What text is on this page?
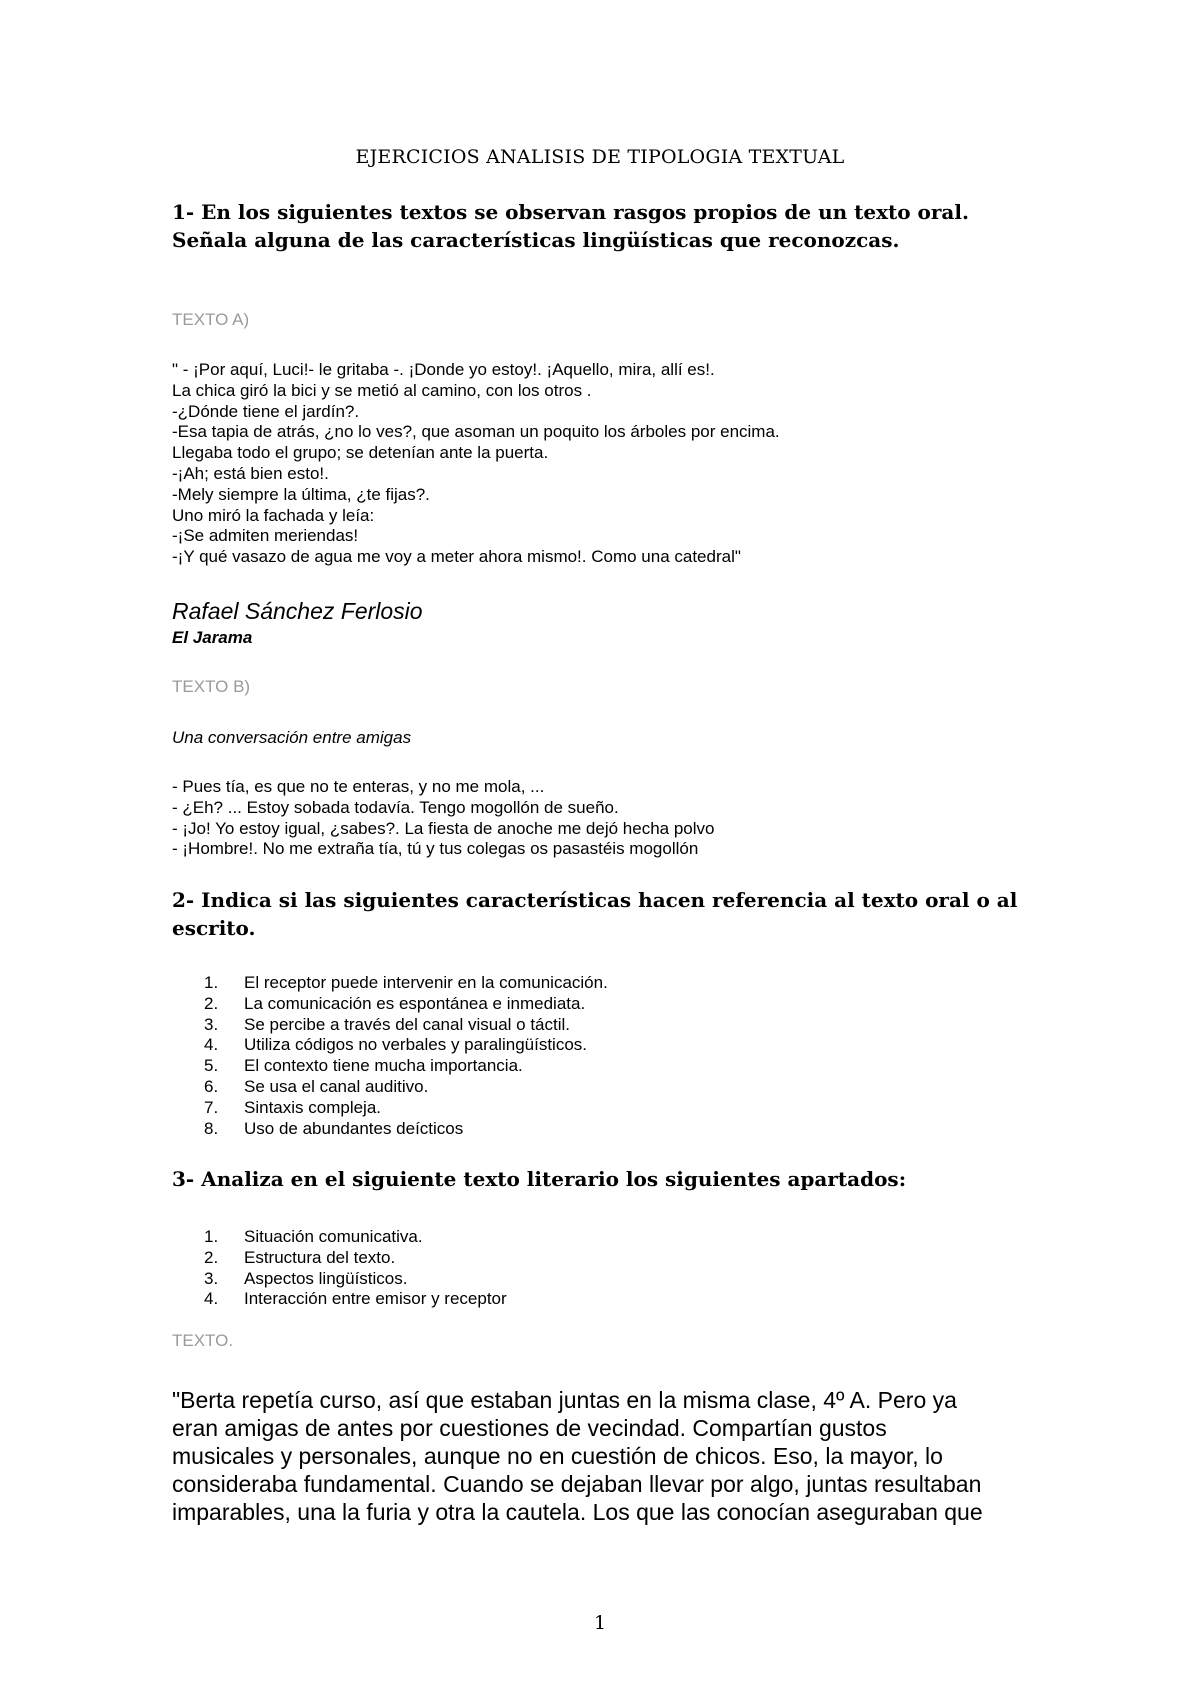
EJERCICIOS ANALISIS DE TIPOLOGIA TEXTUAL
1- En los siguientes textos se observan rasgos propios de un texto oral.
Señala alguna de las características lingüísticas que reconozcas.
TEXTO A)
" - ¡Por aquí, Luci!- le gritaba -. ¡Donde yo estoy!. ¡Aquello, mira, allí es!.
La chica giró la bici y se metió al camino, con los otros .
-¿Dónde tiene el jardín?.
-Esa tapia de atrás, ¿no lo ves?, que asoman un poquito los árboles por encima.
Llegaba todo el grupo; se detenían ante la puerta.
-¡Ah; está bien esto!.
-Mely siempre la última, ¿te fijas?.
Uno miró la fachada y leía:
-¡Se admiten meriendas!
-¡Y qué vasazo de agua me voy a meter ahora mismo!. Como una catedral"
Rafael Sánchez Ferlosio
El Jarama
TEXTO B)
Una conversación entre amigas
- Pues tía, es que no te enteras, y no me mola, ...
- ¿Eh? ... Estoy sobada todavía. Tengo mogollón de sueño.
- ¡Jo! Yo estoy igual, ¿sabes?. La fiesta de anoche me dejó hecha polvo
- ¡Hombre!. No me extraña tía, tú y tus colegas os pasastéis mogollón
2- Indica si las siguientes características hacen referencia al texto oral o al escrito.
1.	El receptor puede intervenir en la comunicación.
2.	La comunicación es espontánea e inmediata.
3.	Se percibe a través del canal visual o táctil.
4.	Utiliza códigos no verbales y paralingüísticos.
5.	El contexto tiene mucha importancia.
6.	Se usa el canal auditivo.
7.	Sintaxis compleja.
8.	Uso de abundantes deícticos
3- Analiza en el siguiente texto literario los siguientes apartados:
1.	Situación comunicativa.
2.	Estructura del texto.
3.	Aspectos lingüísticos.
4.	Interacción entre emisor y receptor
TEXTO.

"Berta repetía curso, así que estaban juntas en la misma clase, 4º A. Pero ya
eran amigas de antes por cuestiones de vecindad. Compartían gustos
musicales y personales, aunque no en cuestión de chicos. Eso, la mayor, lo
consideraba fundamental. Cuando se dejaban llevar por algo, juntas resultaban
imparables, una la furia y otra la cautela. Los que las conocían aseguraban que

1
